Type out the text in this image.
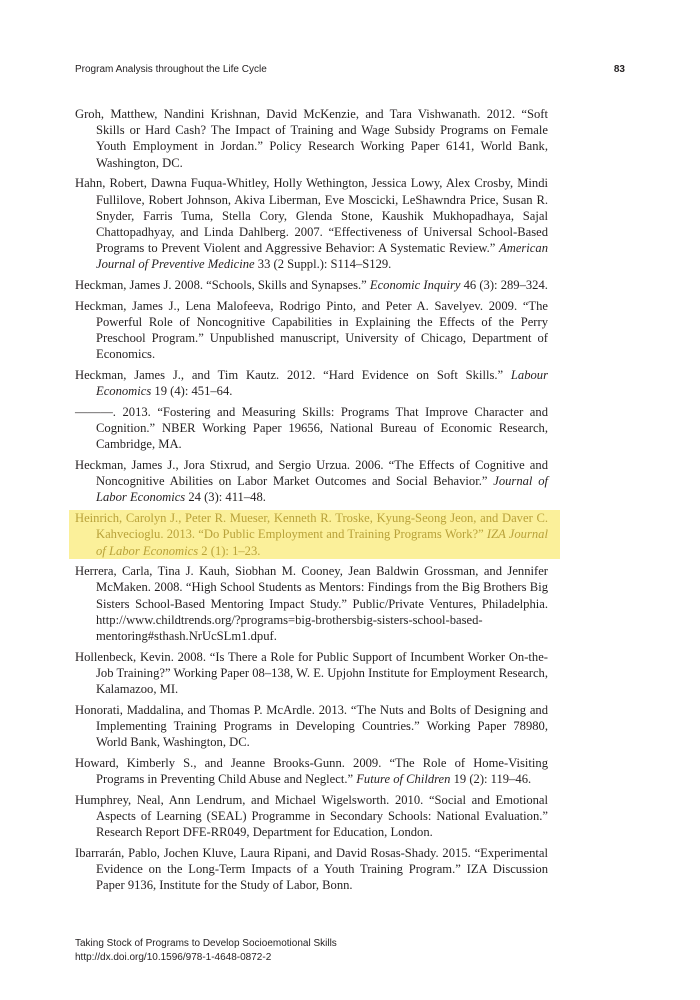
Program Analysis throughout the Life Cycle	83
Groh, Matthew, Nandini Krishnan, David McKenzie, and Tara Vishwanath. 2012. “Soft Skills or Hard Cash? The Impact of Training and Wage Subsidy Programs on Female Youth Employment in Jordan.” Policy Research Working Paper 6141, World Bank, Washington, DC.
Hahn, Robert, Dawna Fuqua-Whitley, Holly Wethington, Jessica Lowy, Alex Crosby, Mindi Fullilove, Robert Johnson, Akiva Liberman, Eve Moscicki, LeShawndra Price, Susan R. Snyder, Farris Tuma, Stella Cory, Glenda Stone, Kaushik Mukhopadhaya, Sajal Chattopadhyay, and Linda Dahlberg. 2007. “Effectiveness of Universal School-Based Programs to Prevent Violent and Aggressive Behavior: A Systematic Review.” American Journal of Preventive Medicine 33 (2 Suppl.): S114–S129.
Heckman, James J. 2008. “Schools, Skills and Synapses.” Economic Inquiry 46 (3): 289–324.
Heckman, James J., Lena Malofeeva, Rodrigo Pinto, and Peter A. Savelyev. 2009. “The Powerful Role of Noncognitive Capabilities in Explaining the Effects of the Perry Preschool Program.” Unpublished manuscript, University of Chicago, Department of Economics.
Heckman, James J., and Tim Kautz. 2012. “Hard Evidence on Soft Skills.” Labour Economics 19 (4): 451–64.
———. 2013. “Fostering and Measuring Skills: Programs That Improve Character and Cognition.” NBER Working Paper 19656, National Bureau of Economic Research, Cambridge, MA.
Heckman, James J., Jora Stixrud, and Sergio Urzua. 2006. “The Effects of Cognitive and Noncognitive Abilities on Labor Market Outcomes and Social Behavior.” Journal of Labor Economics 24 (3): 411–48.
Heinrich, Carolyn J., Peter R. Mueser, Kenneth R. Troske, Kyung-Seong Jeon, and Daver C. Kahvecioglu. 2013. “Do Public Employment and Training Programs Work?” IZA Journal of Labor Economics 2 (1): 1–23.
Herrera, Carla, Tina J. Kauh, Siobhan M. Cooney, Jean Baldwin Grossman, and Jennifer McMaken. 2008. “High School Students as Mentors: Findings from the Big Brothers Big Sisters School-Based Mentoring Impact Study.” Public/Private Ventures, Philadelphia. http://www.childtrends.org/?programs=big-brothersbig-sisters-school-based-mentoring#sthash.NrUcSLm1.dpuf.
Hollenbeck, Kevin. 2008. “Is There a Role for Public Support of Incumbent Worker On-the-Job Training?” Working Paper 08–138, W. E. Upjohn Institute for Employment Research, Kalamazoo, MI.
Honorati, Maddalina, and Thomas P. McArdle. 2013. “The Nuts and Bolts of Designing and Implementing Training Programs in Developing Countries.” Working Paper 78980, World Bank, Washington, DC.
Howard, Kimberly S., and Jeanne Brooks-Gunn. 2009. “The Role of Home-Visiting Programs in Preventing Child Abuse and Neglect.” Future of Children 19 (2): 119–46.
Humphrey, Neal, Ann Lendrum, and Michael Wigelsworth. 2010. “Social and Emotional Aspects of Learning (SEAL) Programme in Secondary Schools: National Evaluation.” Research Report DFE-RR049, Department for Education, London.
Ibarrarán, Pablo, Jochen Kluve, Laura Ripani, and David Rosas-Shady. 2015. “Experimental Evidence on the Long-Term Impacts of a Youth Training Program.” IZA Discussion Paper 9136, Institute for the Study of Labor, Bonn.
Taking Stock of Programs to Develop Socioemotional Skills
http://dx.doi.org/10.1596/978-1-4648-0872-2
